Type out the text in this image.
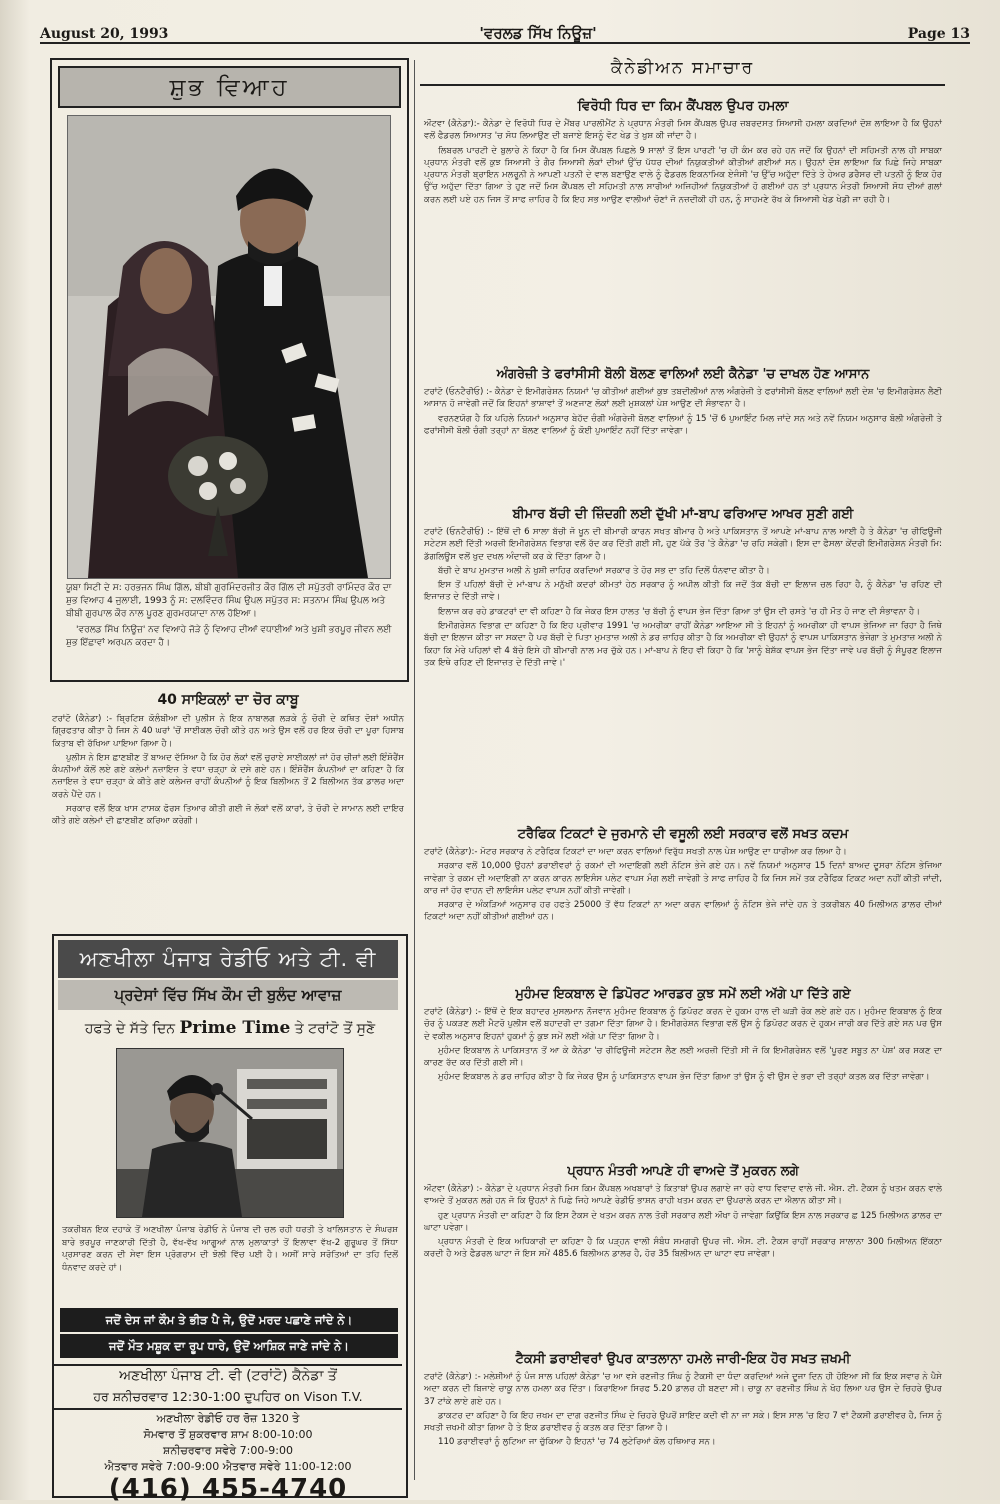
August 20, 1993	'ਵਰਲਡ ਸਿੱਖ ਨਿਊਜ਼'	Page 13
ਸ਼ੁਭ ਵਿਆਹ

ਯੂਬਾ ਸਿਟੀ ਦੇ ਸ: ਹਰਭਜਨ ਸਿੰਘ ਗਿੱਲ, ਬੀਬੀ ਗੁਰਮਿੰਦਰਜੀਤ ਕੌਰ ਗਿੱਲ ਦੀ ਸਪੁੱਤਰੀ ਰਾਮਿੰਦਰ ਕੌਰ ਦਾ ਸ਼ੁਭ ਵਿਆਹ 4 ਜੁਲਾਈ, 1993 ਨੂੰ ਸ: ਦਲਵਿੰਦਰ ਸਿੰਘ ਉਪਲ ਸਪੁੱਤਰ ਸ: ਸਤਨਾਮ ਸਿੰਘ ਉਪਲ ਅਤੇ ਬੀਬੀ ਗੁਰਪਾਲ ਕੌਰ ਨਾਲ ਪੂਰਣ ਗੁਰਮਰਯਾਦਾ ਨਾਲ ਹੋਇਆ।

'ਵਰਲਡ ਸਿੱਖ ਨਿਊਜ਼' ਨਵ ਵਿਆਹੇ ਜੋੜੇ ਨੂੰ ਵਿਆਹ ਦੀਆਂ ਵਧਾਈਆਂ ਅਤੇ ਖੁਸ਼ੀ ਭਰਪੂਰ ਜੀਵਨ ਲਈ ਸ਼ੁਭ ਇੱਛਾਵਾਂ ਅਰਪਨ ਕਰਦਾ ਹੈ।

40 ਸਾਇਕਲਾਂ ਦਾ ਚੋਰ ਕਾਬੂ

ਟਰਾਂਟੋ (ਕੈਨੇਡਾ) :- ਬ੍ਰਿਟਿਸ਼ ਕੋਲੰਬੀਆ ਦੀ ਪੁਲੀਸ ਨੇ ਇਕ ਨਾਬਾਲਗ ਲੜਕੇ ਨੂੰ ਚੋਰੀ ਦੇ ਕਥਿਤ ਦੋਸ਼ਾਂ ਅਧੀਨ ਗ੍ਰਿਫਤਾਰ ਕੀਤਾ ਹੈ ਜਿਸ ਨੇ 40 ਘਰਾਂ 'ਚੋਂ ਸਾਈਕਲ ਚੋਰੀ ਕੀਤੇ ਹਨ ਅਤੇ ਉਸ ਵਲੋਂ ਹਰ ਇਕ ਚੋਰੀ ਦਾ ਪੂਰਾ ਹਿਸਾਬ ਕਿਤਾਬ ਵੀ ਰੱਖਿਆ ਪਾਇਆ ਗਿਆ ਹੈ।

ਪੁਲੀਸ ਨੇ ਇਸ ਛਾਣਬੀਣ ਤੋਂ ਬਾਅਦ ਦੱਸਿਆ ਹੈ ਕਿ ਹੋਰ ਲੋਕਾਂ ਵਲੋਂ ਚੁਰਾਏ ਸਾਈਕਲਾਂ ਜਾਂ ਹੋਰ ਚੀਜ਼ਾਂ ਲਈ ਇੰਸ਼ੋਰੈਂਸ ਕੰਪਨੀਆਂ ਕੋਲੋਂ ਲਏ ਗਏ ਕਲੇਮਾਂ ਨਜ਼ਾਇਜ਼ ਤੇ ਵਧਾ ਚੜ੍ਹਾ ਕੇ ਦਸੇ ਗਏ ਹਨ। ਇੰਸ਼ੋਰੈਂਸ ਕੰਪਨੀਆਂ ਦਾ ਕਹਿਣਾ ਹੈ ਕਿ ਨਜ਼ਾਇਜ਼ ਤੇ ਵਧਾ ਚੜ੍ਹਾ ਕੇ ਕੀਤੇ ਗਏ ਕਲੇਮਜ਼ ਰਾਹੀਂ ਕੰਪਨੀਆਂ ਨੂੰ ਇਕ ਬਿਲੀਅਨ ਤੋਂ 2 ਬਿਲੀਅਨ ਤੱਕ ਡਾਲਰ ਅਦਾ ਕਰਨੇ ਪੈਂਦੇ ਹਨ।

ਸਰਕਾਰ ਵਲੋਂ ਇਕ ਖਾਸ ਟਾਸਕ ਫੋਰਸ ਤਿਆਰ ਕੀਤੀ ਗਈ ਜੋ ਲੋਕਾਂ ਵਲੋਂ ਕਾਰਾਂ, ਤੇ ਚੋਰੀ ਦੇ ਸਾਮਾਨ ਲਈ ਦਾਇਰ ਕੀਤੇ ਗਏ ਕਲੇਮਾਂ ਦੀ ਛਾਣਬੀਣ ਕਰਿਆ ਕਰੇਗੀ।

ਅਣਖੀਲਾ ਪੰਜਾਬ ਰੇਡੀਓ ਅਤੇ ਟੀ. ਵੀ
ਪ੍ਰਦੇਸਾਂ ਵਿੱਚ ਸਿੱਖ ਕੌਮ ਦੀ ਬੁਲੰਦ ਆਵਾਜ਼
ਹਫਤੇ ਦੇ ਸੱਤੇ ਦਿਨ Prime Time ਤੇ ਟਰਾਂਟੋ ਤੋਂ ਸੁਣੋ

ਤਕਰੀਬਨ ਇਕ ਦਹਾਕੇ ਤੋਂ ਅਣਖੀਲਾ ਪੰਜਾਬ ਰੇਡੀਓ ਨੇ ਪੰਜਾਬ ਦੀ ਚਲ ਰਹੀ ਧਰਤੀ ਤੇ ਖਾਲਿਸਤਾਨ ਦੇ ਸੰਘਰਸ਼ ਬਾਰੇ ਭਰਪੂਰ ਜਾਣਕਾਰੀ ਦਿੱਤੀ ਹੈ, ਵੱਖ-ਵੱਖ ਆਗੂਆਂ ਨਾਲ ਮੁਲਾਕਾਤਾਂ ਤੋਂ ਇਲਾਵਾ ਵੱਖ-2 ਗੁਰੂਘਰ ਤੋਂ ਸਿੱਧਾ ਪ੍ਰਸਾਰਣ ਕਰਨ ਦੀ ਸੇਵਾ ਇਸ ਪ੍ਰੋਗਰਾਮ ਦੀ ਝੋਲੀ ਵਿੱਚ ਪਈ ਹੈ। ਅਸੀਂ ਸਾਰੇ ਸਰੋਤਿਆਂ ਦਾ ਤਹਿ ਦਿਲੋਂ ਧੰਨਵਾਦ ਕਰਦੇ ਹਾਂ।

ਜਦੋਂ ਦੇਸ ਜਾਂ ਕੌਮ ਤੇ ਭੀੜ ਪੈ ਜੇ, ਉਦੋਂ ਮਰਦ ਪਛਾਣੇ ਜਾਂਦੇ ਨੇ।
ਜਦੋਂ ਮੌਤ ਮਸ਼ੂਕ ਦਾ ਰੂਪ ਧਾਰੇ, ਉਦੋਂ ਆਸ਼ਿਕ ਜਾਣੇ ਜਾਂਦੇ ਨੇ।
ਅਣਖੀਲਾ ਪੰਜਾਬ ਟੀ. ਵੀ (ਟਰਾਂਟੋ) ਕੈਨੇਡਾ ਤੋਂ
ਹਰ ਸ਼ਨੀਚਰਵਾਰ 12:30-1:00 ਦੁਪਹਿਰ on Vison T.V.
ਅਣਖੀਲਾ ਰੇਡੀਓ ਹਰ ਰੋਜ਼ 1320 ਤੇ
ਸੋਮਵਾਰ ਤੋਂ ਸ਼ੁਕਰਵਾਰ ਸ਼ਾਮ 8:00-10:00
ਸ਼ਨੀਚਰਵਾਰ ਸਵੇਰੇ 7:00-9:00
ਐਤਵਾਰ ਸਵੇਰੇ 7:00-9:00 ਐਤਵਾਰ ਸਵੇਰੇ 11:00-12:00
(416) 455-4740
ਕੈਨੇਡੀਅਨ ਸਮਾਚਾਰ
ਵਿਰੋਧੀ ਧਿਰ ਦਾ ਕਿਮ ਕੈਂਪਬਲ ਉਪਰ ਹਮਲਾ

ਔਟਵਾ (ਕੈਨੇਡਾ):- ਕੈਨੇਡਾ ਦੇ ਵਿਰੋਧੀ ਧਿਰ ਦੇ ਮੈਂਬਰ ਪਾਰਲੀਮੈਂਟ ਨੇ ਪ੍ਰਧਾਨ ਮੰਤਰੀ ਮਿਸ ਕੈਂਪਬਲ ਉਪਰ ਜ਼ਬਰਦਸਤ ਸਿਆਸੀ ਹਮਲਾ ਕਰਦਿਆਂ ਦੋਸ਼ ਲਾਇਆ ਹੈ ਕਿ ਉਹਨਾਂ ਵਲੋਂ ਫੈਡਰਲ ਸਿਆਸਤ 'ਚ ਸੋਧ ਲਿਆਉਣ ਦੀ ਬਜਾਏ ਇਸਨੂੰ ਵੋਟ ਖੇਡ ਤੇ ਖੁਸ਼ ਕੀ ਜਾਂਦਾ ਹੈ।

ਲਿਬਰਲ ਪਾਰਟੀ ਦੇ ਬੁਲਾਰੇ ਨੇ ਕਿਹਾ ਹੈ ਕਿ ਮਿਸ ਕੈਂਪਬਲ ਪਿਛਲੇ 9 ਸਾਲਾਂ ਤੋਂ ਇਸ ਪਾਰਟੀ 'ਚ ਹੀ ਕੰਮ ਕਰ ਰਹੇ ਹਨ ਜਦੋਂ ਕਿ ਉਹਨਾਂ ਦੀ ਸਹਿਮਤੀ ਨਾਲ ਹੀ ਸਾਬਕਾ ਪ੍ਰਧਾਨ ਮੰਤਰੀ ਵਲੋਂ ਕੁਝ ਸਿਆਸੀ ਤੇ ਗੈਰ ਸਿਆਸੀ ਲੋਕਾਂ ਦੀਆਂ ਉੱਚ ਪੱਧਰ ਦੀਆਂ ਨਿਯੁਕਤੀਆਂ ਕੀਤੀਆਂ ਗਈਆਂ ਸਨ। ਉਹਨਾਂ ਦੋਸ਼ ਲਾਇਆ ਕਿ ਪਿਛੇ ਜਿਹੇ ਸਾਬਕਾ ਪ੍ਰਧਾਨ ਮੰਤਰੀ ਬ੍ਰਾਇਨ ਮਲਰੂਨੀ ਨੇ ਆਪਣੀ ਪਤਨੀ ਦੇ ਵਾਲ ਬਣਾਉਣ ਵਾਲੇ ਨੂੰ ਫੈਡਰਲ ਇਕਨਾਮਿਕ ਏਜੰਸੀ 'ਚ ਉੱਚ ਅਹੁੱਦਾ ਦਿੱਤੇ ਤੇ ਹੇਅਰ ਡਰੈਸਰ ਦੀ ਪਤਨੀ ਨੂੰ ਇਕ ਹੋਰ ਉੱਚ ਅਹੁੱਦਾ ਦਿੱਤਾ ਗਿਆ ਤੇ ਹੁਣ ਜਦੋਂ ਮਿਸ ਕੈਂਪਬਲ ਦੀ ਸਹਿਮਤੀ ਨਾਲ ਸਾਰੀਆਂ ਅਜਿਹੀਆਂ ਨਿਯੁਕਤੀਆਂ ਹੋ ਗਈਆਂ ਹਨ ਤਾਂ ਪ੍ਰਧਾਨ ਮੰਤਰੀ ਸਿਆਸੀ ਸੋਧ ਦੀਆਂ ਗਲਾਂ ਕਰਨ ਲਈ ਪਏ ਹਨ ਜਿਸ ਤੋਂ ਸਾਫ ਜ਼ਾਹਿਰ ਹੈ ਕਿ ਇਹ ਸਭ ਆਉਣ ਵਾਲੀਆਂ ਚੋਣਾਂ ਜੋ ਨਜ਼ਦੀਕੀ ਹੀ ਹਨ, ਨੂੰ ਸਾਹਮਣੇ ਰੱਖ ਕੇ ਸਿਆਸੀ ਖੇਡ ਖੇਡੀ ਜਾ ਰਹੀ ਹੈ।

ਅੰਗਰੇਜ਼ੀ ਤੇ ਫਰਾਂਸੀਸੀ ਬੋਲੀ ਬੋਲਣ ਵਾਲਿਆਂ ਲਈ ਕੈਨੇਡਾ 'ਚ ਦਾਖਲ ਹੋਣ ਆਸਾਨ

ਟਰਾਂਟੋ (ਓਨਟੈਰੀਓ) :- ਕੈਨੇਡਾ ਦੇ ਇਮੀਗਰੇਸ਼ਨ ਨਿਯਮਾਂ 'ਚ ਕੀਤੀਆਂ ਗਈਆਂ ਕੁਝ ਤਬਦੀਲੀਆਂ ਨਾਲ ਅੰਗਰੇਜ਼ੀ ਤੇ ਫਰਾਂਸੀਸੀ ਬੋਲਣ ਵਾਲਿਆਂ ਲਈ ਦੇਸ਼ 'ਚ ਇਮੀਗਰੇਸ਼ਨ ਲੈਣੀ ਆਸਾਨ ਹੋ ਜਾਵੇਗੀ ਜਦੋਂ ਕਿ ਇਹਨਾਂ ਭਾਸ਼ਾਵਾਂ ਤੋਂ ਅਣਜਾਣ ਲੋਕਾਂ ਲਈ ਮੁਸ਼ਕਲਾਂ ਪੇਸ਼ ਆਉਣ ਦੀ ਸੰਭਾਵਨਾ ਹੈ।

ਵਰਨਣਯੋਗ ਹੈ ਕਿ ਪਹਿਲੇ ਨਿਯਮਾਂ ਅਨੁਸਾਰ ਬੇਹੱਦ ਚੰਗੀ ਅੰਗਰੇਜ਼ੀ ਬੋਲਣ ਵਾਲਿਆਂ ਨੂੰ 15 'ਚੋਂ 6 ਪੁਆਇੰਟ ਮਿਲ ਜਾਂਦੇ ਸਨ ਅਤੇ ਨਵੇਂ ਨਿਯਮ ਅਨੁਸਾਰ ਬੋਲੀ ਅੰਗਰੇਜ਼ੀ ਤੇ ਫਰਾਂਸੀਸੀ ਬੋਲੀ ਚੰਗੀ ਤਰ੍ਹਾਂ ਨਾ ਬੋਲਣ ਵਾਲਿਆਂ ਨੂੰ ਕੋਈ ਪੁਆਇੰਟ ਨਹੀਂ ਦਿੱਤਾ ਜਾਵੇਗਾ।

ਬੀਮਾਰ ਬੱਚੀ ਦੀ ਜ਼ਿੰਦਗੀ ਲਈ ਦੁੱਖੀ ਮਾਂ-ਬਾਪ ਫਰਿਆਦ ਆਖਰ ਸੁਣੀ ਗਈ

ਟਰਾਂਟੋ (ਓਨਟੈਰੀਓ) :- ਇੱਥੋਂ ਦੀ 6 ਸਾਲਾ ਬੱਚੀ ਜੋ ਖੂਨ ਦੀ ਬੀਮਾਰੀ ਕਾਰਨ ਸਖਤ ਬੀਮਾਰ ਹੈ ਅਤੇ ਪਾਕਿਸਤਾਨ ਤੋਂ ਆਪਣੇ ਮਾਂ-ਬਾਪ ਨਾਲ ਆਈ ਹੈ ਤੇ ਕੈਨੇਡਾ 'ਚ ਰੀਫਿਊਜੀ ਸਟੇਟਸ ਲਈ ਦਿੱਤੀ ਅਰਜ਼ੀ ਇਮੀਗਰੇਸ਼ਨ ਵਿਭਾਗ ਵਲੋਂ ਰੱਦ ਕਰ ਦਿੱਤੀ ਗਈ ਸੀ, ਹੁਣ ਪੱਕੇ ਤੌਰ 'ਤੇ ਕੈਨੇਡਾ 'ਚ ਰਹਿ ਸਕੇਗੀ। ਇਸ ਦਾ ਫੈਸਲਾ ਕੇਂਦਰੀ ਇਮੀਗਰੇਸ਼ਨ ਮੰਤਰੀ ਮਿ: ਡੱਗਲਿਊਸ ਵਲੋਂ ਖੁਦ ਦਖਲ ਅੰਦਾਜ਼ੀ ਕਰ ਕੇ ਦਿੱਤਾ ਗਿਆ ਹੈ।

ਬੱਚੀ ਦੇ ਬਾਪ ਮੁਮਤਾਜ਼ ਅਲੀ ਨੇ ਖੁਸ਼ੀ ਜ਼ਾਹਿਰ ਕਰਦਿਆਂ ਸਰਕਾਰ ਤੇ ਹੋਰ ਸਭ ਦਾ ਤਹਿ ਦਿਲੋਂ ਧੰਨਵਾਦ ਕੀਤਾ ਹੈ।

ਇਸ ਤੋਂ ਪਹਿਲਾਂ ਬੱਚੀ ਦੇ ਮਾਂ-ਬਾਪ ਨੇ ਮਨੁੱਖੀ ਕਦਰਾਂ ਕੀਮਤਾਂ ਹੇਠ ਸਰਕਾਰ ਨੂੰ ਅਪੀਲ ਕੀਤੀ ਕਿ ਜਦੋਂ ਤੱਕ ਬੱਚੀ ਦਾ ਇਲਾਜ ਚਲ ਰਿਹਾ ਹੈ, ਨੂੰ ਕੈਨੇਡਾ 'ਚ ਰਹਿਣ ਦੀ ਇਜਾਜ਼ਤ ਦੇ ਦਿੱਤੀ ਜਾਵੇ।

ਇਲਾਜ ਕਰ ਰਹੇ ਡਾਕਟਰਾਂ ਦਾ ਵੀ ਕਹਿਣਾ ਹੈ ਕਿ ਜੇਕਰ ਇਸ ਹਾਲਤ 'ਚ ਬੱਚੀ ਨੂੰ ਵਾਪਸ ਭੇਜ ਦਿੱਤਾ ਗਿਆ ਤਾਂ ਉਸ ਦੀ ਰਸਤੇ 'ਚ ਹੀ ਮੌਤ ਹੋ ਜਾਣ ਦੀ ਸੰਭਾਵਨਾ ਹੈ।

ਇਮੀਗਰੇਸ਼ਨ ਵਿਭਾਗ ਦਾ ਕਹਿਣਾ ਹੈ ਕਿ ਇਹ ਪ੍ਰੀਵਾਰ 1991 'ਚ ਅਮਰੀਕਾ ਰਾਹੀਂ ਕੈਨੇਡਾ ਆਇਆ ਸੀ ਤੇ ਇਹਨਾਂ ਨੂੰ ਅਮਰੀਕਾ ਹੀ ਵਾਪਸ ਭੇਜਿਆ ਜਾ ਰਿਹਾ ਹੈ ਜਿਥੇ ਬੱਚੀ ਦਾ ਇਲਾਜ ਕੀਤਾ ਜਾ ਸਕਦਾ ਹੈ ਪਰ ਬੱਚੀ ਦੇ ਪਿਤਾ ਮੁਮਤਾਜ਼ ਅਲੀ ਨੇ ਡਰ ਜ਼ਾਹਿਰ ਕੀਤਾ ਹੈ ਕਿ ਅਮਰੀਕਾ ਵੀ ਉਹਨਾਂ ਨੂੰ ਵਾਪਸ ਪਾਕਿਸਤਾਨ ਭੇਜੇਗਾ ਤੇ ਮੁਮਤਾਜ਼ ਅਲੀ ਨੇ ਕਿਹਾ ਕਿ ਮੇਰੇ ਪਹਿਲਾਂ ਵੀ 4 ਬੱਚੇ ਇਸੇ ਹੀ ਬੀਮਾਰੀ ਨਾਲ ਮਰ ਚੁੱਕੇ ਹਨ। ਮਾਂ-ਬਾਪ ਨੇ ਇਹ ਵੀ ਕਿਹਾ ਹੈ ਕਿ 'ਸਾਨੂੰ ਬੇਸ਼ੱਕ ਵਾਪਸ ਭੇਜ ਦਿੱਤਾ ਜਾਵੇ ਪਰ ਬੱਚੀ ਨੂੰ ਸੰਪੂਰਣ ਇਲਾਜ ਤਕ ਇਥੇ ਰਹਿਣ ਦੀ ਇਜਾਜ਼ਤ ਦੇ ਦਿੱਤੀ ਜਾਵੇ।'

ਟਰੈਫਿਕ ਟਿਕਟਾਂ ਦੇ ਜੁਰਮਾਨੇ ਦੀ ਵਸੂਲੀ ਲਈ ਸਰਕਾਰ ਵਲੋਂ ਸਖਤ ਕਦਮ

ਟਰਾਂਟੋ (ਕੈਨੇਡਾ):- ਮੋਟਰ ਸਰਕਾਰ ਨੇ ਟਰੈਫਿਕ ਟਿਕਟਾਂ ਦਾ ਅਦਾ ਕਰਨ ਵਾਲਿਆਂ ਵਿਰੁੱਧ ਸਖਤੀ ਨਾਲ ਪੇਸ਼ ਆਉਣ ਦਾ ਧਾਰੀਆ ਕਰ ਲਿਆ ਹੈ।

ਸਰਕਾਰ ਵਲੋਂ 10,000 ਉਹਨਾਂ ਡਰਾਈਵਰਾਂ ਨੂੰ ਰਕਮਾਂ ਦੀ ਅਦਾਇਗੀ ਲਈ ਨੋਟਿਸ ਭੇਜੇ ਗਏ ਹਨ। ਨਵੇਂ ਨਿਯਮਾਂ ਅਨੁਸਾਰ 15 ਦਿਨਾਂ ਬਾਅਦ ਦੂਸਰਾ ਨੋਟਿਸ ਭੇਜਿਆ ਜਾਵੇਗਾ ਤੇ ਰਕਮ ਦੀ ਅਦਾਇਗੀ ਨਾ ਕਰਨ ਕਾਰਨ ਲਾਇਸੰਸ ਪਲੇਟ ਵਾਪਸ ਮੰਗ ਲਈ ਜਾਵੇਗੀ ਤੇ ਸਾਫ ਜ਼ਾਹਿਰ ਹੈ ਕਿ ਜਿਸ ਸਮੇਂ ਤਕ ਟਰੈਫਿਕ ਟਿਕਟ ਅਦਾ ਨਹੀਂ ਕੀਤੀ ਜਾਂਦੀ, ਕਾਰ ਜਾਂ ਹੋਰ ਵਾਹਨ ਦੀ ਲਾਇਸੰਸ ਪਲੇਟ ਵਾਪਸ ਨਹੀਂ ਕੀਤੀ ਜਾਵੇਗੀ।

ਸਰਕਾਰ ਦੇ ਅੰਕੜਿਆਂ ਅਨੁਸਾਰ ਹਰ ਹਫਤੇ 25000 ਤੋਂ ਵੱਧ ਟਿਕਟਾਂ ਨਾ ਅਦਾ ਕਰਨ ਵਾਲਿਆਂ ਨੂੰ ਨੋਟਿਸ ਭੇਜੇ ਜਾਂਦੇ ਹਨ ਤੇ ਤਕਰੀਬਨ 40 ਮਿਲੀਅਨ ਡਾਲਰ ਦੀਆਂ ਟਿਕਟਾਂ ਅਦਾ ਨਹੀਂ ਕੀਤੀਆਂ ਗਈਆਂ ਹਨ।

ਮੁਹੰਮਦ ਇਕਬਾਲ ਦੇ ਡਿਪੋਰਟ ਆਰਡਰ ਕੁਝ ਸਮੇਂ ਲਈ ਅੱਗੇ ਪਾ ਦਿੱਤੇ ਗਏ

ਟਰਾਂਟੋ (ਕੈਨੇਡਾ) :- ਇੱਥੋਂ ਦੇ ਇਕ ਬਹਾਦਰ ਮੁਸਲਮਾਨ ਨੌਜਵਾਨ ਮੁਹੰਮਦ ਇਕਬਾਲ ਨੂੰ ਡਿਪੋਰਟ ਕਰਨ ਦੇ ਹੁਕਮ ਹਾਲ ਦੀ ਘੜੀ ਰੋਕ ਲਏ ਗਏ ਹਨ। ਮੁਹੰਮਦ ਇਕਬਾਲ ਨੂੰ ਇਕ ਚੋਰ ਨੂੰ ਪਕੜਣ ਲਈ ਮੈਟਰੋ ਪੁਲੀਸ ਵਲੋਂ ਬਹਾਦਰੀ ਦਾ ਤਗਮਾ ਦਿੱਤਾ ਗਿਆ ਹੈ। ਇਮੀਗਰੇਸ਼ਨ ਵਿਭਾਗ ਵਲੋਂ ਉਸ ਨੂੰ ਡਿਪੋਰਟ ਕਰਨ ਦੇ ਹੁਕਮ ਜਾਰੀ ਕਰ ਦਿੱਤੇ ਗਏ ਸਨ ਪਰ ਉਸ ਦੇ ਵਕੀਲ ਅਨੁਸਾਰ ਇਹਨਾਂ ਹੁਕਮਾਂ ਨੂੰ ਕੁਝ ਸਮੇਂ ਲਈ ਅੱਗੇ ਪਾ ਦਿੱਤਾ ਗਿਆ ਹੈ।

ਮੁਹੰਮਦ ਇਕਬਾਲ ਨੇ ਪਾਕਿਸਤਾਨ ਤੋਂ ਆ ਕੇ ਕੈਨੇਡਾ 'ਚ ਰੀਫਿਊਜੀ ਸਟੇਟਸ ਲੈਣ ਲਈ ਅਰਜ਼ੀ ਦਿੱਤੀ ਸੀ ਜੋ ਕਿ ਇਮੀਗਰੇਸ਼ਨ ਵਲੋਂ 'ਪੂਰਣ ਸਬੂਤ ਨਾ ਪੇਸ਼' ਕਰ ਸਕਣ ਦਾ ਕਾਰਣ ਰੱਦ ਕਰ ਦਿੱਤੀ ਗਈ ਸੀ।

ਮੁਹੰਮਦ ਇਕਬਾਲ ਨੇ ਡਰ ਜ਼ਾਹਿਰ ਕੀਤਾ ਹੈ ਕਿ ਜੇਕਰ ਉਸ ਨੂੰ ਪਾਕਿਸਤਾਨ ਵਾਪਸ ਭੇਜ ਦਿੱਤਾ ਗਿਆ ਤਾਂ ਉਸ ਨੂੰ ਵੀ ਉਸ ਦੇ ਭਰਾ ਦੀ ਤਰ੍ਹਾਂ ਕਤਲ ਕਰ ਦਿੱਤਾ ਜਾਵੇਗਾ।

ਪ੍ਰਧਾਨ ਮੰਤਰੀ ਆਪਣੇ ਹੀ ਵਾਅਦੇ ਤੋਂ ਮੁਕਰਨ ਲਗੇ

ਔਟਵਾ (ਕੈਨੇਡਾ) :- ਕੈਨੇਡਾ ਦੇ ਪ੍ਰਧਾਨ ਮੰਤਰੀ ਮਿਸ ਕਿਮ ਕੈਂਪਬਲ ਅਖਬਾਰਾਂ ਤੇ ਕਿਤਾਬਾਂ ਉਪਰ ਲਗਾਏ ਜਾ ਰਹੇ ਵਾਧ ਵਿਵਾਦ ਵਾਲੇ ਜੀ. ਐਸ. ਟੀ. ਟੈਕਸ ਨੂੰ ਖਤਮ ਕਰਨ ਵਾਲੇ ਵਾਅਦੇ ਤੋਂ ਮੁਕਰਨ ਲਗੇ ਹਨ ਜੋ ਕਿ ਉਹਨਾਂ ਨੇ ਪਿਛੇ ਜਿਹੇ ਆਪਣੇ ਰੇਡੀਓ ਭਾਸ਼ਨ ਰਾਹੀ ਖਤਮ ਕਰਨ ਦਾ ਉਪਰਾਲੇ ਕਰਨ ਦਾ ਐਲਾਨ ਕੀਤਾ ਸੀ।

ਹੁਣ ਪ੍ਰਧਾਨ ਮੰਤਰੀ ਦਾ ਕਹਿਣਾ ਹੈ ਕਿ ਇਸ ਟੈਕਸ ਦੇ ਖਤਮ ਕਰਨ ਨਾਲ ਤੋਰੀ ਸਰਕਾਰ ਲਈ ਔਖਾ ਹੋ ਜਾਵੇਗਾ ਕਿਉਂਕਿ ਇਸ ਨਾਲ ਸਰਕਾਰ ਛ 125 ਮਿਲੀਅਨ ਡਾਲਰ ਦਾ ਘਾਟਾ ਪਵੇਗਾ।

ਪ੍ਰਧਾਨ ਮੰਤਰੀ ਦੇ ਇਕ ਅਧਿਕਾਰੀ ਦਾ ਕਹਿਣਾ ਹੈ ਕਿ ਪੜ੍ਹਨ ਵਾਲੀ ਸੰਬੰਧ ਸਮਗਰੀ ਉਪਰ ਜੀ. ਐਸ. ਟੀ. ਟੈਕਸ ਰਾਹੀਂ ਸਰਕਾਰ ਸਾਲਾਨਾ 300 ਮਿਲੀਅਨ ਇੱਕਠਾ ਕਰਦੀ ਹੈ ਅਤੇ ਫੈਡਰਲ ਘਾਟਾ ਜੋ ਇਸ ਸਮੇਂ 485.6 ਬਿਲੀਅਨ ਡਾਲਰ ਹੈ, ਹੋਰ 35 ਬਿਲੀਅਨ ਦਾ ਘਾਟਾ ਵਧ ਜਾਵੇਗਾ।

ਟੈਕਸੀ ਡਰਾਈਵਰਾਂ ਉਪਰ ਕਾਤਲਾਨਾ ਹਮਲੇ ਜਾਰੀ-ਇਕ ਹੋਰ ਸਖਤ ਜ਼ਖਮੀ

ਟਰਾਂਟੋ (ਕੈਨੇਡਾ) :- ਮਲੇਸ਼ੀਆਂ ਨੂੰ ਪੰਜ ਸਾਲ ਪਹਿਲਾਂ ਕੈਨੇਡਾ 'ਚ ਆ ਵਸੇ ਰਣਜੀਤ ਸਿੰਘ ਨੂੰ ਟੈਕਸੀ ਦਾ ਧੰਦਾ ਕਰਦਿਆਂ ਅਜੇ ਦੂਜਾ ਦਿਨ ਹੀ ਹੋਇਆ ਸੀ ਕਿ ਇਕ ਸਵਾਰ ਨੇ ਪੈਸੇ ਅਦਾ ਕਰਨ ਦੀ ਬਿਜਾਏ ਚਾਕੂ ਨਾਲ ਹਮਲਾ ਕਰ ਦਿੱਤਾ। ਕਿਰਾਇਆ ਸਿਰਫ 5.20 ਡਾਲਰ ਹੀ ਬਣਦਾ ਸੀ। ਚਾਕੂ ਨਾ ਰਣਜੀਤ ਸਿੰਘ ਨੇ ਖੋਹ ਲਿਆ ਪਰ ਉਸ ਦੇ ਚਿਹਰੇ ਉਪਰ 37 ਟਾਂਕੇ ਲਾਏ ਗਏ ਹਨ।

ਡਾਕਟਰ ਦਾ ਕਹਿਣਾ ਹੈ ਕਿ ਇਹ ਜ਼ਖਮ ਦਾ ਦਾਗ ਰਣਜੀਤ ਸਿੰਘ ਦੇ ਚਿਹਰੇ ਉਪਰੋਂ ਸ਼ਾਇਦ ਕਦੀ ਵੀ ਨਾ ਜਾ ਸਕੇ। ਇਸ ਸਾਲ 'ਚ ਇਹ 7 ਵਾਂ ਟੈਕਸੀ ਡਰਾਈਵਰ ਹੈ, ਜਿਸ ਨੂੰ ਸਖਤੀ ਜ਼ਖਮੀ ਕੀਤਾ ਗਿਆ ਹੈ ਤੇ ਇਕ ਡਰਾਈਵਰ ਨੂੰ ਕਤਲ ਕਰ ਦਿੱਤਾ ਗਿਆ ਹੈ।

110 ਡਰਾਈਵਰਾਂ ਨੂੰ ਲੁਟਿਆ ਜਾ ਚੁੱਕਿਆ ਹੈ ਇਹਨਾਂ 'ਚ 74 ਲੁਟੇਰਿਆਂ ਕੋਲ ਹਥਿਆਰ ਸਨ।
